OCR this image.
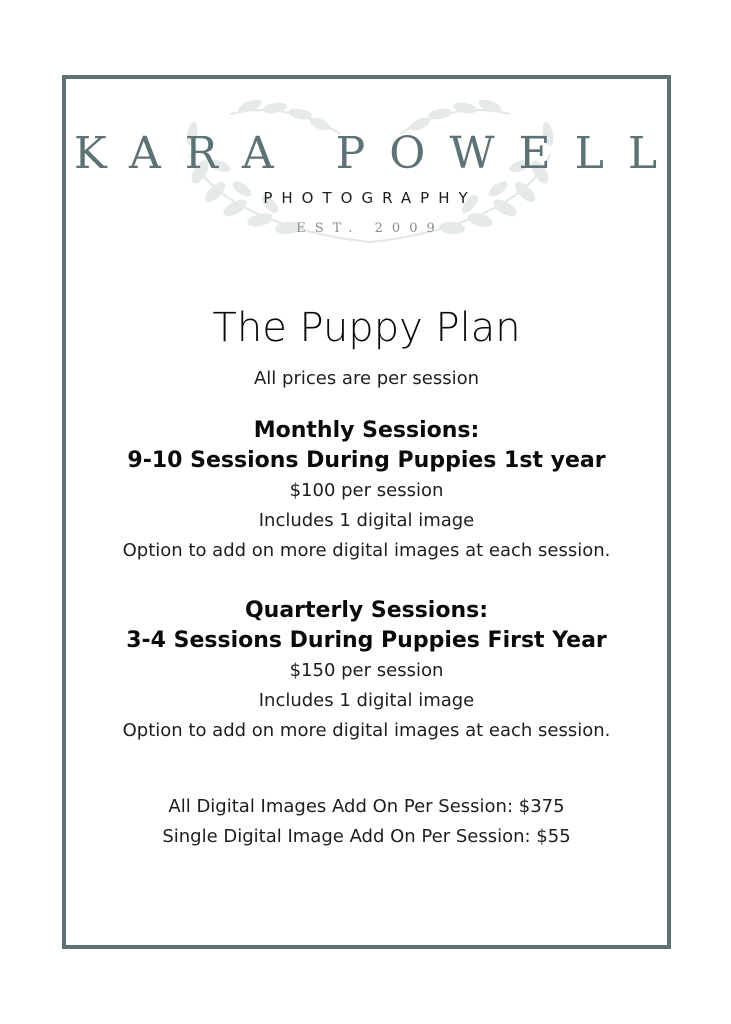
KARA POWELL
PHOTOGRAPHY
EST. 2009
The Puppy Plan

All prices are per session

Monthly Sessions:

9-10 Sessions During Puppies 1st year

$100 per session

Includes 1 digital image

Option to add on more digital images at each session.

Quarterly Sessions:

3-4 Sessions During Puppies First Year

$150 per session

Includes 1 digital image

Option to add on more digital images at each session.

All Digital Images Add On Per Session: $375

Single Digital Image Add On Per Session: $55
